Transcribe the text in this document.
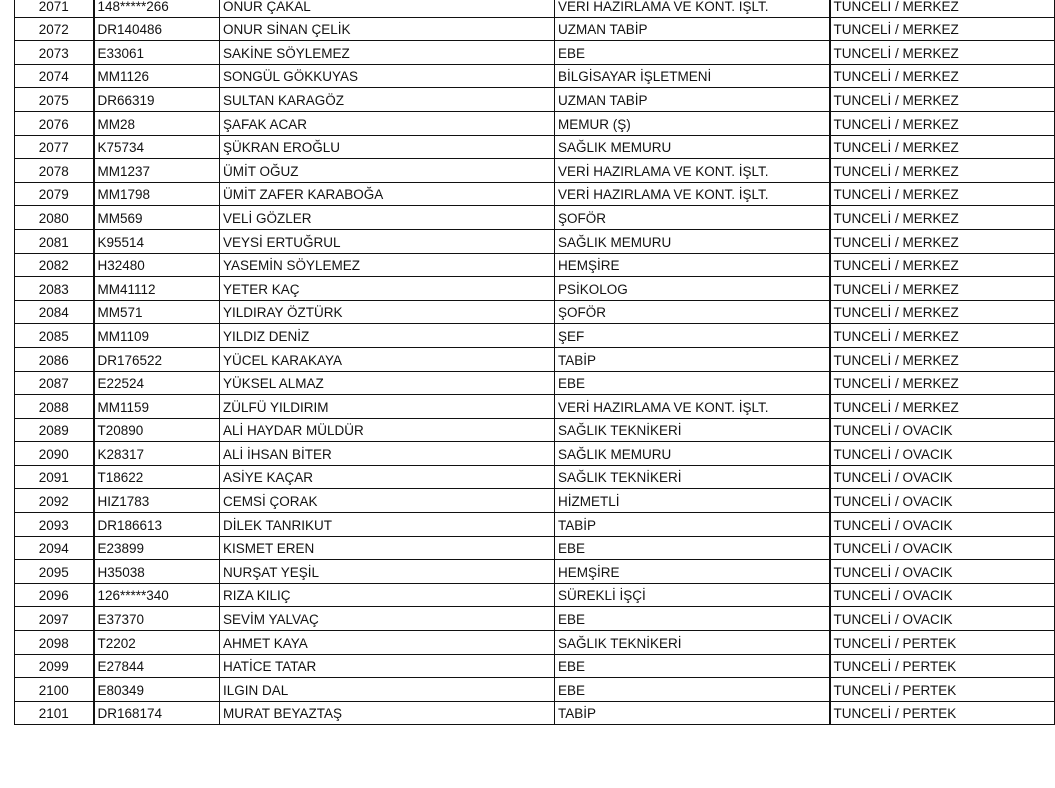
2071	148*****266	ONUR ÇAKAL	VERİ HAZIRLAMA VE KONT. İŞLT.	TUNCELİ / MERKEZ
2072	DR140486	ONUR SİNAN ÇELİK	UZMAN TABİP	TUNCELİ / MERKEZ
2073	E33061	SAKİNE SÖYLEMEZ	EBE	TUNCELİ / MERKEZ
2074	MM1126	SONGÜL GÖKKUYAS	BİLGİSAYAR İŞLETMENİ	TUNCELİ / MERKEZ
2075	DR66319	SULTAN KARAGÖZ	UZMAN TABİP	TUNCELİ / MERKEZ
2076	MM28	ŞAFAK ACAR	MEMUR (Ş)	TUNCELİ / MERKEZ
2077	K75734	ŞÜKRAN EROĞLU	SAĞLIK MEMURU	TUNCELİ / MERKEZ
2078	MM1237	ÜMİT OĞUZ	VERİ HAZIRLAMA VE KONT. İŞLT.	TUNCELİ / MERKEZ
2079	MM1798	ÜMİT ZAFER KARABOĞA	VERİ HAZIRLAMA VE KONT. İŞLT.	TUNCELİ / MERKEZ
2080	MM569	VELİ GÖZLER	ŞOFÖR	TUNCELİ / MERKEZ
2081	K95514	VEYSİ ERTUĞRUL	SAĞLIK MEMURU	TUNCELİ / MERKEZ
2082	H32480	YASEMİN SÖYLEMEZ	HEMŞİRE	TUNCELİ / MERKEZ
2083	MM41112	YETER KAÇ	PSİKOLOG	TUNCELİ / MERKEZ
2084	MM571	YILDIRAY ÖZTÜRK	ŞOFÖR	TUNCELİ / MERKEZ
2085	MM1109	YILDIZ DENİZ	ŞEF	TUNCELİ / MERKEZ
2086	DR176522	YÜCEL KARAKAYA	TABİP	TUNCELİ / MERKEZ
2087	E22524	YÜKSEL ALMAZ	EBE	TUNCELİ / MERKEZ
2088	MM1159	ZÜLFÜ YILDIRIM	VERİ HAZIRLAMA VE KONT. İŞLT.	TUNCELİ / MERKEZ
2089	T20890	ALİ HAYDAR MÜLDÜR	SAĞLIK TEKNİKERİ	TUNCELİ / OVACIK
2090	K28317	ALİ İHSAN BİTER	SAĞLIK MEMURU	TUNCELİ / OVACIK
2091	T18622	ASİYE KAÇAR	SAĞLIK TEKNİKERİ	TUNCELİ / OVACIK
2092	HIZ1783	CEMSİ ÇORAK	HİZMETLİ	TUNCELİ / OVACIK
2093	DR186613	DİLEK TANRIKUT	TABİP	TUNCELİ / OVACIK
2094	E23899	KISMET EREN	EBE	TUNCELİ / OVACIK
2095	H35038	NURŞAT YEŞİL	HEMŞİRE	TUNCELİ / OVACIK
2096	126*****340	RIZA KILIÇ	SÜREKLİ İŞÇİ	TUNCELİ / OVACIK
2097	E37370	SEVİM YALVAÇ	EBE	TUNCELİ / OVACIK
2098	T2202	AHMET KAYA	SAĞLIK TEKNİKERİ	TUNCELİ / PERTEK
2099	E27844	HATİCE TATAR	EBE	TUNCELİ / PERTEK
2100	E80349	ILGIN DAL	EBE	TUNCELİ / PERTEK
2101	DR168174	MURAT BEYAZTAŞ	TABİP	TUNCELİ / PERTEK
